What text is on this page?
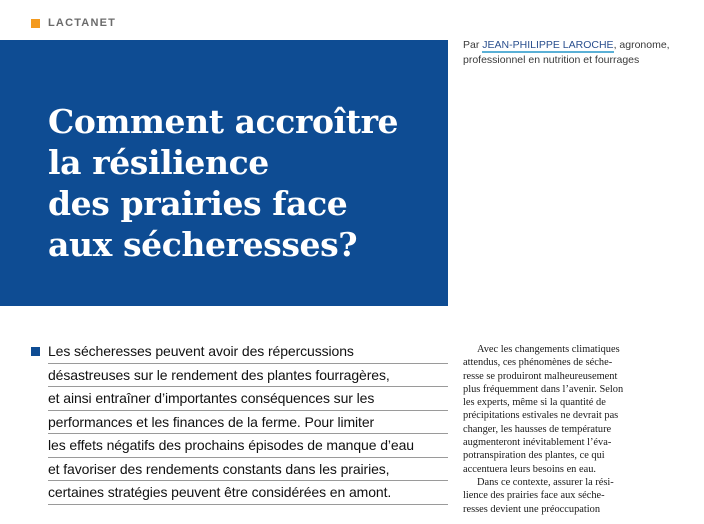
LACTANET
Par JEAN-PHILIPPE LAROCHE, agronome,
professionnel en nutrition et fourrages
Comment accroître
la résilience
des prairies face
aux sécheresses?
Les sécheresses peuvent avoir des répercussions
désastreuses sur le rendement des plantes fourragères,
et ainsi entraîner d’importantes conséquences sur les
performances et les finances de la ferme. Pour limiter
les effets négatifs des prochains épisodes de manque d’eau
et favoriser des rendements constants dans les prairies,
certaines stratégies peuvent être considérées en amont.
Avec les changements climatiques
attendus, ces phénomènes de séche-
resse se produiront malheureusement
plus fréquemment dans l’avenir. Selon
les experts, même si la quantité de
précipitations estivales ne devrait pas
changer, les hausses de température
augmenteront inévitablement l’éva-
potranspiration des plantes, ce qui
accentuera leurs besoins en eau.
Dans ce contexte, assurer la rési-
lience des prairies face aux séche-
resses devient une préoccupation
